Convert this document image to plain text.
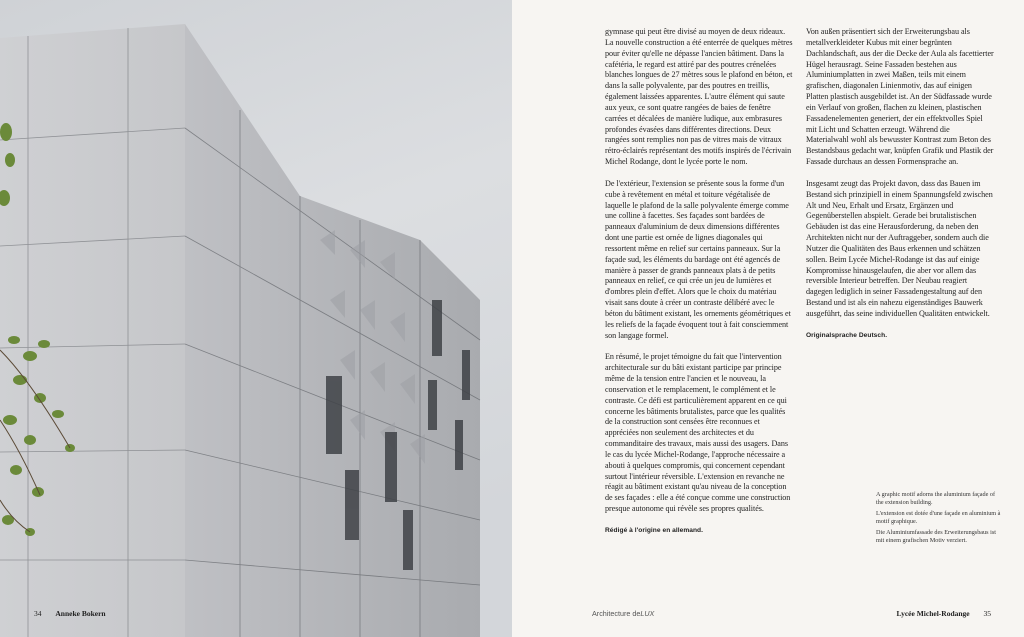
gymnase qui peut être divisé au moyen de deux rideaux. La nouvelle construction a été enterrée de quelques mètres pour éviter qu'elle ne dépasse l'ancien bâtiment. Dans la cafétéria, le regard est attiré par des poutres crénelées blanches longues de 27 mètres sous le plafond en béton, et dans la salle polyvalente, par des poutres en treillis, également laissées apparentes. L'autre élément qui saute aux yeux, ce sont quatre rangées de baies de fenêtre carrées et décalées de manière ludique, aux embrasures profondes évasées dans différentes directions. Deux rangées sont remplies non pas de vitres mais de vitraux rétro-éclairés représentant des motifs inspirés de l'écrivain Michel Rodange, dont le lycée porte le nom.

De l'extérieur, l'extension se présente sous la forme d'un cube à revêtement en métal et toiture végétalisée de laquelle le plafond de la salle polyvalente émerge comme une colline à facettes. Ses façades sont bardées de panneaux d'aluminium de deux dimensions différentes dont une partie est ornée de lignes diagonales qui ressortent même en relief sur certains panneaux. Sur la façade sud, les éléments du bardage ont été agencés de manière à passer de grands panneaux plats à de petits panneaux en relief, ce qui crée un jeu de lumières et d'ombres plein d'effet. Alors que le choix du matériau visait sans doute à créer un contraste délibéré avec le béton du bâtiment existant, les ornements géométriques et les reliefs de la façade évoquent tout à fait consciemment son langage formel.

En résumé, le projet témoigne du fait que l'intervention architecturale sur du bâti existant participe par principe même de la tension entre l'ancien et le nouveau, la conservation et le remplacement, le complément et le contraste. Ce défi est particulièrement apparent en ce qui concerne les bâtiments brutalistes, parce que les qualités de la construction sont censées être reconnues et appréciées non seulement des architectes et du commanditaire des travaux, mais aussi des usagers. Dans le cas du lycée Michel-Rodange, l'approche nécessaire a abouti à quelques compromis, qui concernent cependant surtout l'intérieur réversible. L'extension en revanche ne réagit au bâtiment existant qu'au niveau de la conception de ses façades : elle a été conçue comme une construction presque autonome qui révèle ses propres qualités.

Rédigé à l'origine en allemand.

Von außen präsentiert sich der Erweiterungsbau als metallverkleideter Kubus mit einer begrünten Dachlandschaft, aus der die Decke der Aula als facettierter Hügel herausragt. Seine Fassaden bestehen aus Aluminiumplatten in zwei Maßen, teils mit einem grafischen, diagonalen Linienmotiv, das auf einigen Platten plastisch ausgebildet ist. An der Südfassade wurde ein Verlauf von großen, flachen zu kleinen, plastischen Fassadenelementen generiert, der ein effektvolles Spiel mit Licht und Schatten erzeugt. Während die Materialwahl wohl als bewusster Kontrast zum Beton des Bestandsbaus gedacht war, knüpfen Grafik und Plastik der Fassade durchaus an dessen Formensprache an.

Insgesamt zeugt das Projekt davon, dass das Bauen im Bestand sich prinzipiell in einem Spannungsfeld zwischen Alt und Neu, Erhalt und Ersatz, Ergänzen und Gegenüberstellen abspielt. Gerade bei brutalistischen Gebäuden ist das eine Herausforderung, da neben den Architekten nicht nur der Auftraggeber, sondern auch die Nutzer die Qualitäten des Baus erkennen und schätzen sollen. Beim Lycée Michel-Rodange ist das auf einige Kompromisse hinausgelaufen, die aber vor allem das reversible Interieur betreffen. Der Neubau reagiert dagegen lediglich in seiner Fassadengestaltung auf den Bestand und ist als ein nahezu eigenständiges Bauwerk ausgeführt, das seine individuellen Qualitäten entwickelt.

Originalsprache Deutsch.

A graphic motif adorns the aluminium façade of the extension building.

L'extension est dotée d'une façade en aluminium à motif graphique.

Die Aluminiumfassade des Erweiterungsbaus ist mit einem grafischen Motiv verziert.

34 Anneke Bokern	Architecture deLUX	Lycée Michel-Rodange 35
